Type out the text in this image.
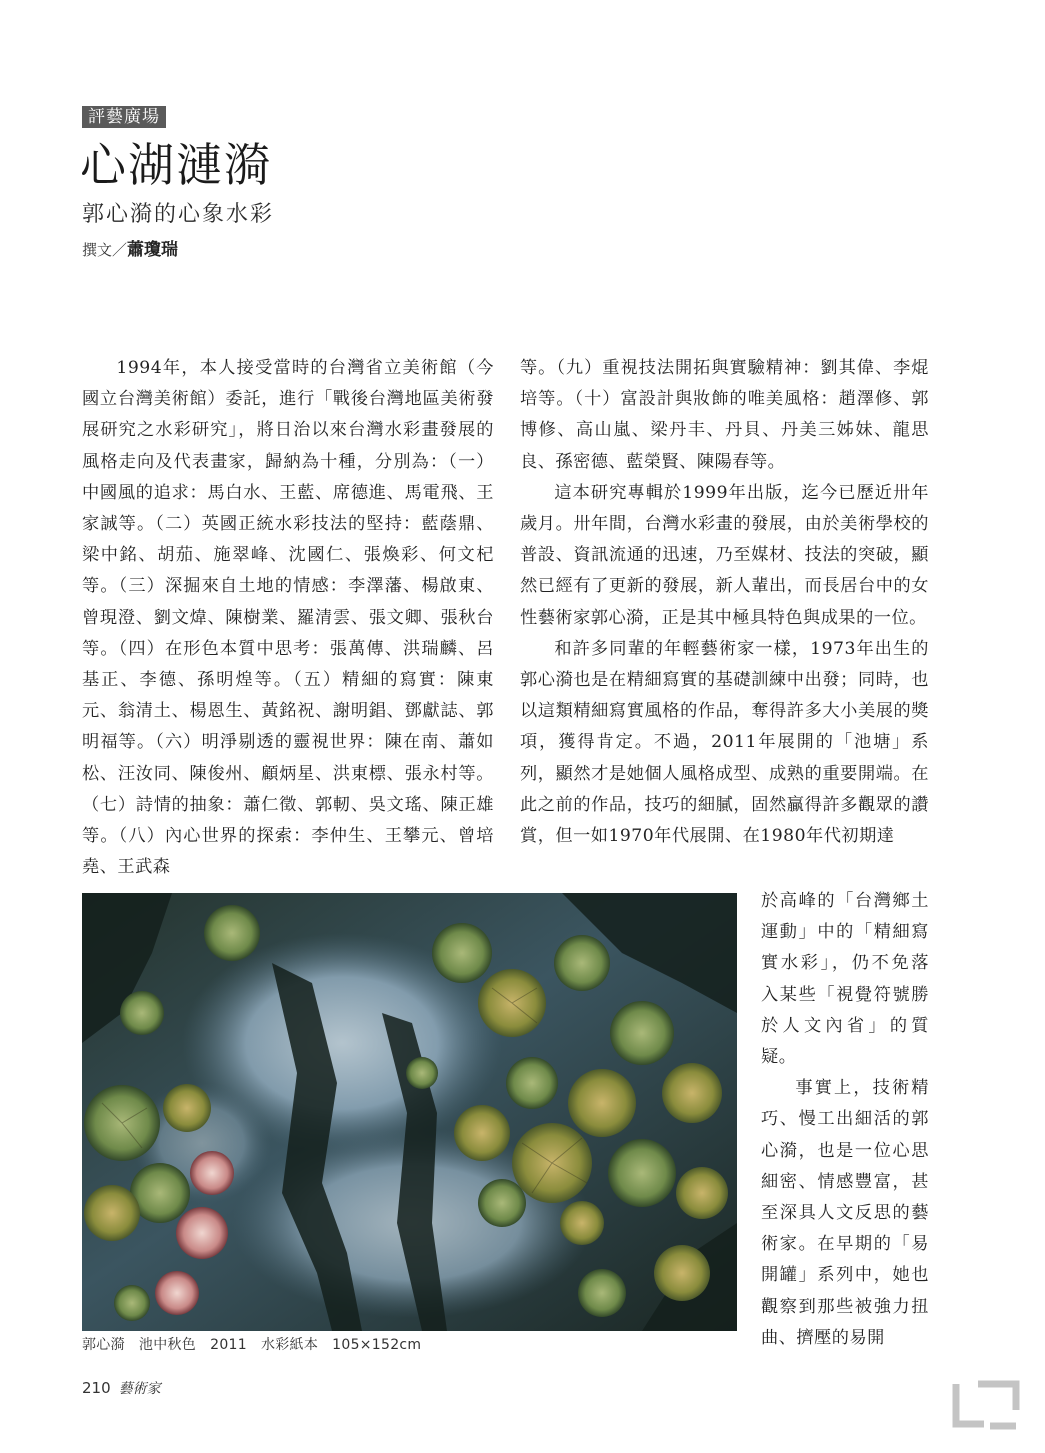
評藝廣場
心湖漣漪
郭心漪的心象水彩
撰文／蕭瓊瑞

1994年，本人接受當時的台灣省立美術館（今國立台灣美術館）委託，進行「戰後台灣地區美術發展研究之水彩研究」，將日治以來台灣水彩畫發展的風格走向及代表畫家，歸納為十種，分別為：（一）中國風的追求：馬白水、王藍、席德進、馬電飛、王家誠等。（二）英國正統水彩技法的堅持：藍蔭鼎、梁中銘、胡茄、施翠峰、沈國仁、張煥彩、何文杞等。（三）深掘來自土地的情感：李澤藩、楊啟東、曾現澄、劉文煒、陳樹業、羅清雲、張文卿、張秋台等。（四）在形色本質中思考：張萬傳、洪瑞麟、呂基正、李德、孫明煌等。（五）精細的寫實：陳東元、翁清土、楊恩生、黃銘祝、謝明錩、鄧獻誌、郭明福等。（六）明淨剔透的靈視世界：陳在南、蕭如松、汪汝同、陳俊州、顧炳星、洪東標、張永村等。（七）詩情的抽象：蕭仁徵、郭軔、吳文瑤、陳正雄等。（八）內心世界的探索：李仲生、王攀元、曾培堯、王武森

等。（九）重視技法開拓與實驗精神：劉其偉、李焜培等。（十）富設計與妝飾的唯美風格：趙澤修、郭博修、高山嵐、梁丹丰、丹貝、丹美三姊妹、龍思良、孫密德、藍榮賢、陳陽春等。

這本研究專輯於1999年出版，迄今已歷近卅年歲月。卅年間，台灣水彩畫的發展，由於美術學校的普設、資訊流通的迅速，乃至媒材、技法的突破，顯然已經有了更新的發展，新人輩出，而長居台中的女性藝術家郭心漪，正是其中極具特色與成果的一位。

和許多同輩的年輕藝術家一樣，1973年出生的郭心漪也是在精細寫實的基礎訓練中出發；同時，也以這類精細寫實風格的作品，奪得許多大小美展的獎項，獲得肯定。不過，2011年展開的「池塘」系列，顯然才是她個人風格成型、成熟的重要開端。在此之前的作品，技巧的細膩，固然贏得許多觀眾的讚賞，但一如1970年代展開、在1980年代初期達

於高峰的「台灣鄉土運動」中的「精細寫實水彩」，仍不免落入某些「視覺符號勝於人文內省」的質疑。

事實上，技術精巧、慢工出細活的郭心漪，也是一位心思細密、情感豐富，甚至深具人文反思的藝術家。在早期的「易開罐」系列中，她也觀察到那些被強力扭曲、擠壓的易開

郭心漪 池中秋色 2011 水彩紙本 105×152cm
210 藝術家
